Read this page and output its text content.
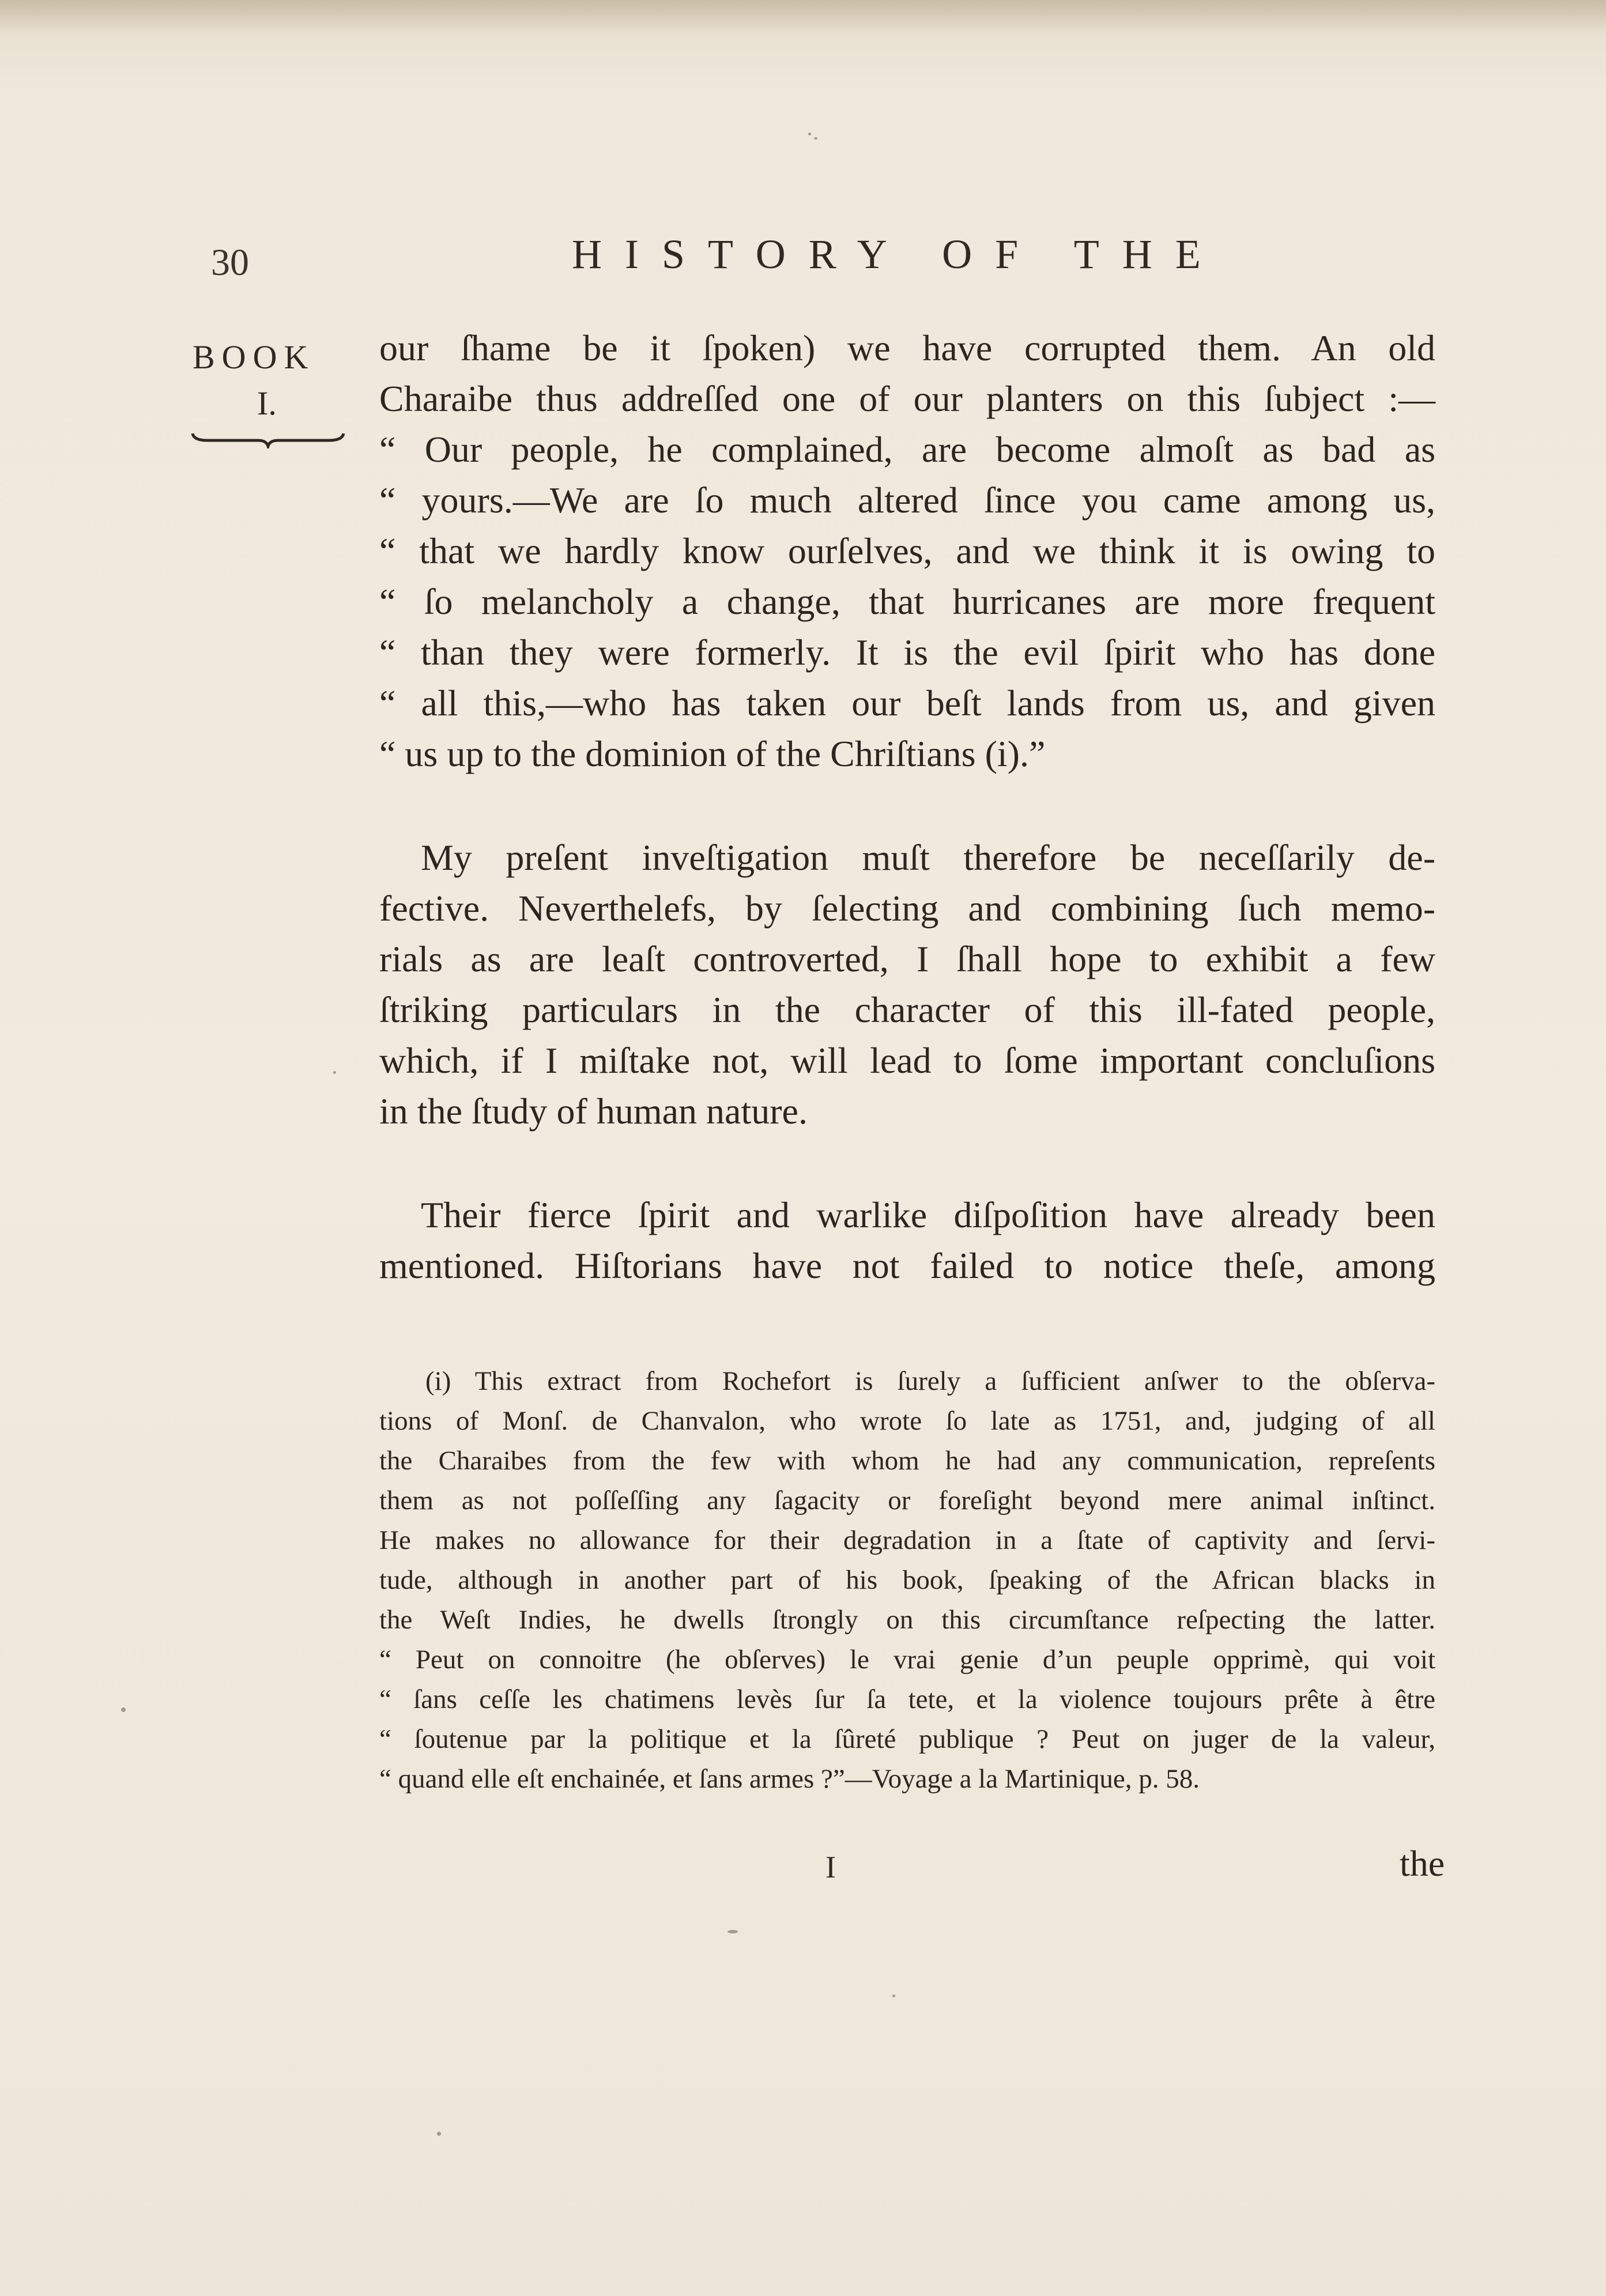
30	HISTORY OF THE
BOOK
I.
our ſhame be it ſpoken) we have corrupted them. An old
Charaibe thus addreſſed one of our planters on this ſubject :—
“ Our people, he complained, are become almoſt as bad as
“ yours.—We are ſo much altered ſince you came among us,
“ that we hardly know ourſelves, and we think it is owing to
“ ſo melancholy a change, that hurricanes are more frequent
“ than they were formerly. It is the evil ſpirit who has done
“ all this,—who has taken our beſt lands from us, and given
“ us up to the dominion of the Chriſtians (i).”
My preſent inveſtigation muſt therefore be neceſſarily de-
fective. Neverthelefs, by ſelecting and combining ſuch memo-
rials as are leaſt controverted, I ſhall hope to exhibit a few
ſtriking particulars in the character of this ill-fated people,
which, if I miſtake not, will lead to ſome important concluſions
in the ſtudy of human nature.
Their fierce ſpirit and warlike diſpoſition have already been
mentioned. Hiſtorians have not failed to notice theſe, among
(i) This extract from Rochefort is ſurely a ſufficient anſwer to the obſerva-
tions of Monſ. de Chanvalon, who wrote ſo late as 1751, and, judging of all
the Charaibes from the few with whom he had any communication, repreſents
them as not poſſeſſing any ſagacity or foreſight beyond mere animal inſtinct.
He makes no allowance for their degradation in a ſtate of captivity and ſervi-
tude, although in another part of his book, ſpeaking of the African blacks in
the Weſt Indies, he dwells ſtrongly on this circumſtance reſpecting the latter.
“ Peut on connoitre (he obſerves) le vrai genie d’un peuple opprimè, qui voit
“ ſans ceſſe les chatimens levès ſur ſa tete, et la violence toujours prête à être
“ ſoutenue par la politique et la ſûreté publique ? Peut on juger de la valeur,
“ quand elle eſt enchainée, et ſans armes ?”—Voyage a la Martinique, p. 58.
I	the
